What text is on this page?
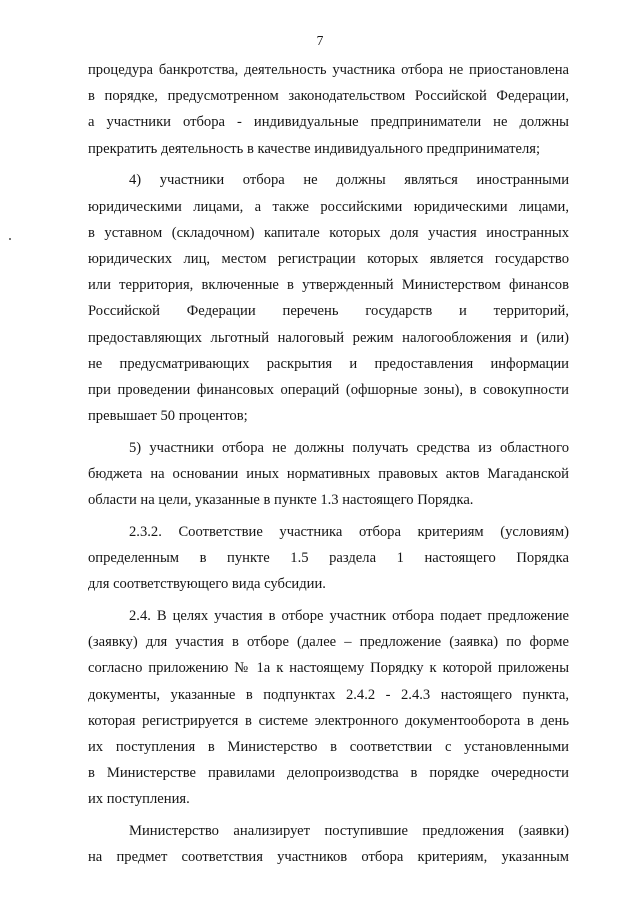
7
процедура банкротства, деятельность участника отбора не приостановлена
в порядке, предусмотренном законодательством Российской Федерации,
а участники отбора - индивидуальные предприниматели не должны
прекратить деятельность в качестве индивидуального предпринимателя;
4) участники отбора не должны являться иностранными
юридическими лицами, а также российскими юридическими лицами,
в уставном (складочном) капитале которых доля участия иностранных
юридических лиц, местом регистрации которых является государство
или территория, включенные в утвержденный Министерством финансов
Российской Федерации перечень государств и территорий,
предоставляющих льготный налоговый режим налогообложения и (или)
не предусматривающих раскрытия и предоставления информации
при проведении финансовых операций (офшорные зоны), в совокупности
превышает 50 процентов;
5) участники отбора не должны получать средства из областного
бюджета на основании иных нормативных правовых актов Магаданской
области на цели, указанные в пункте 1.3 настоящего Порядка.
2.3.2. Соответствие участника отбора критериям (условиям)
определенным в пункте 1.5 раздела 1 настоящего Порядка
для соответствующего вида субсидии.
2.4. В целях участия в отборе участник отбора подает предложение
(заявку) для участия в отборе (далее – предложение (заявка) по форме
согласно приложению № 1а к настоящему Порядку к которой приложены
документы, указанные в подпунктах 2.4.2 - 2.4.3 настоящего пункта,
которая регистрируется в системе электронного документооборота в день
их поступления в Министерство в соответствии с установленными
в Министерстве правилами делопроизводства в порядке очередности
их поступления.
Министерство анализирует поступившие предложения (заявки)
на предмет соответствия участников отбора критериям, указанным
